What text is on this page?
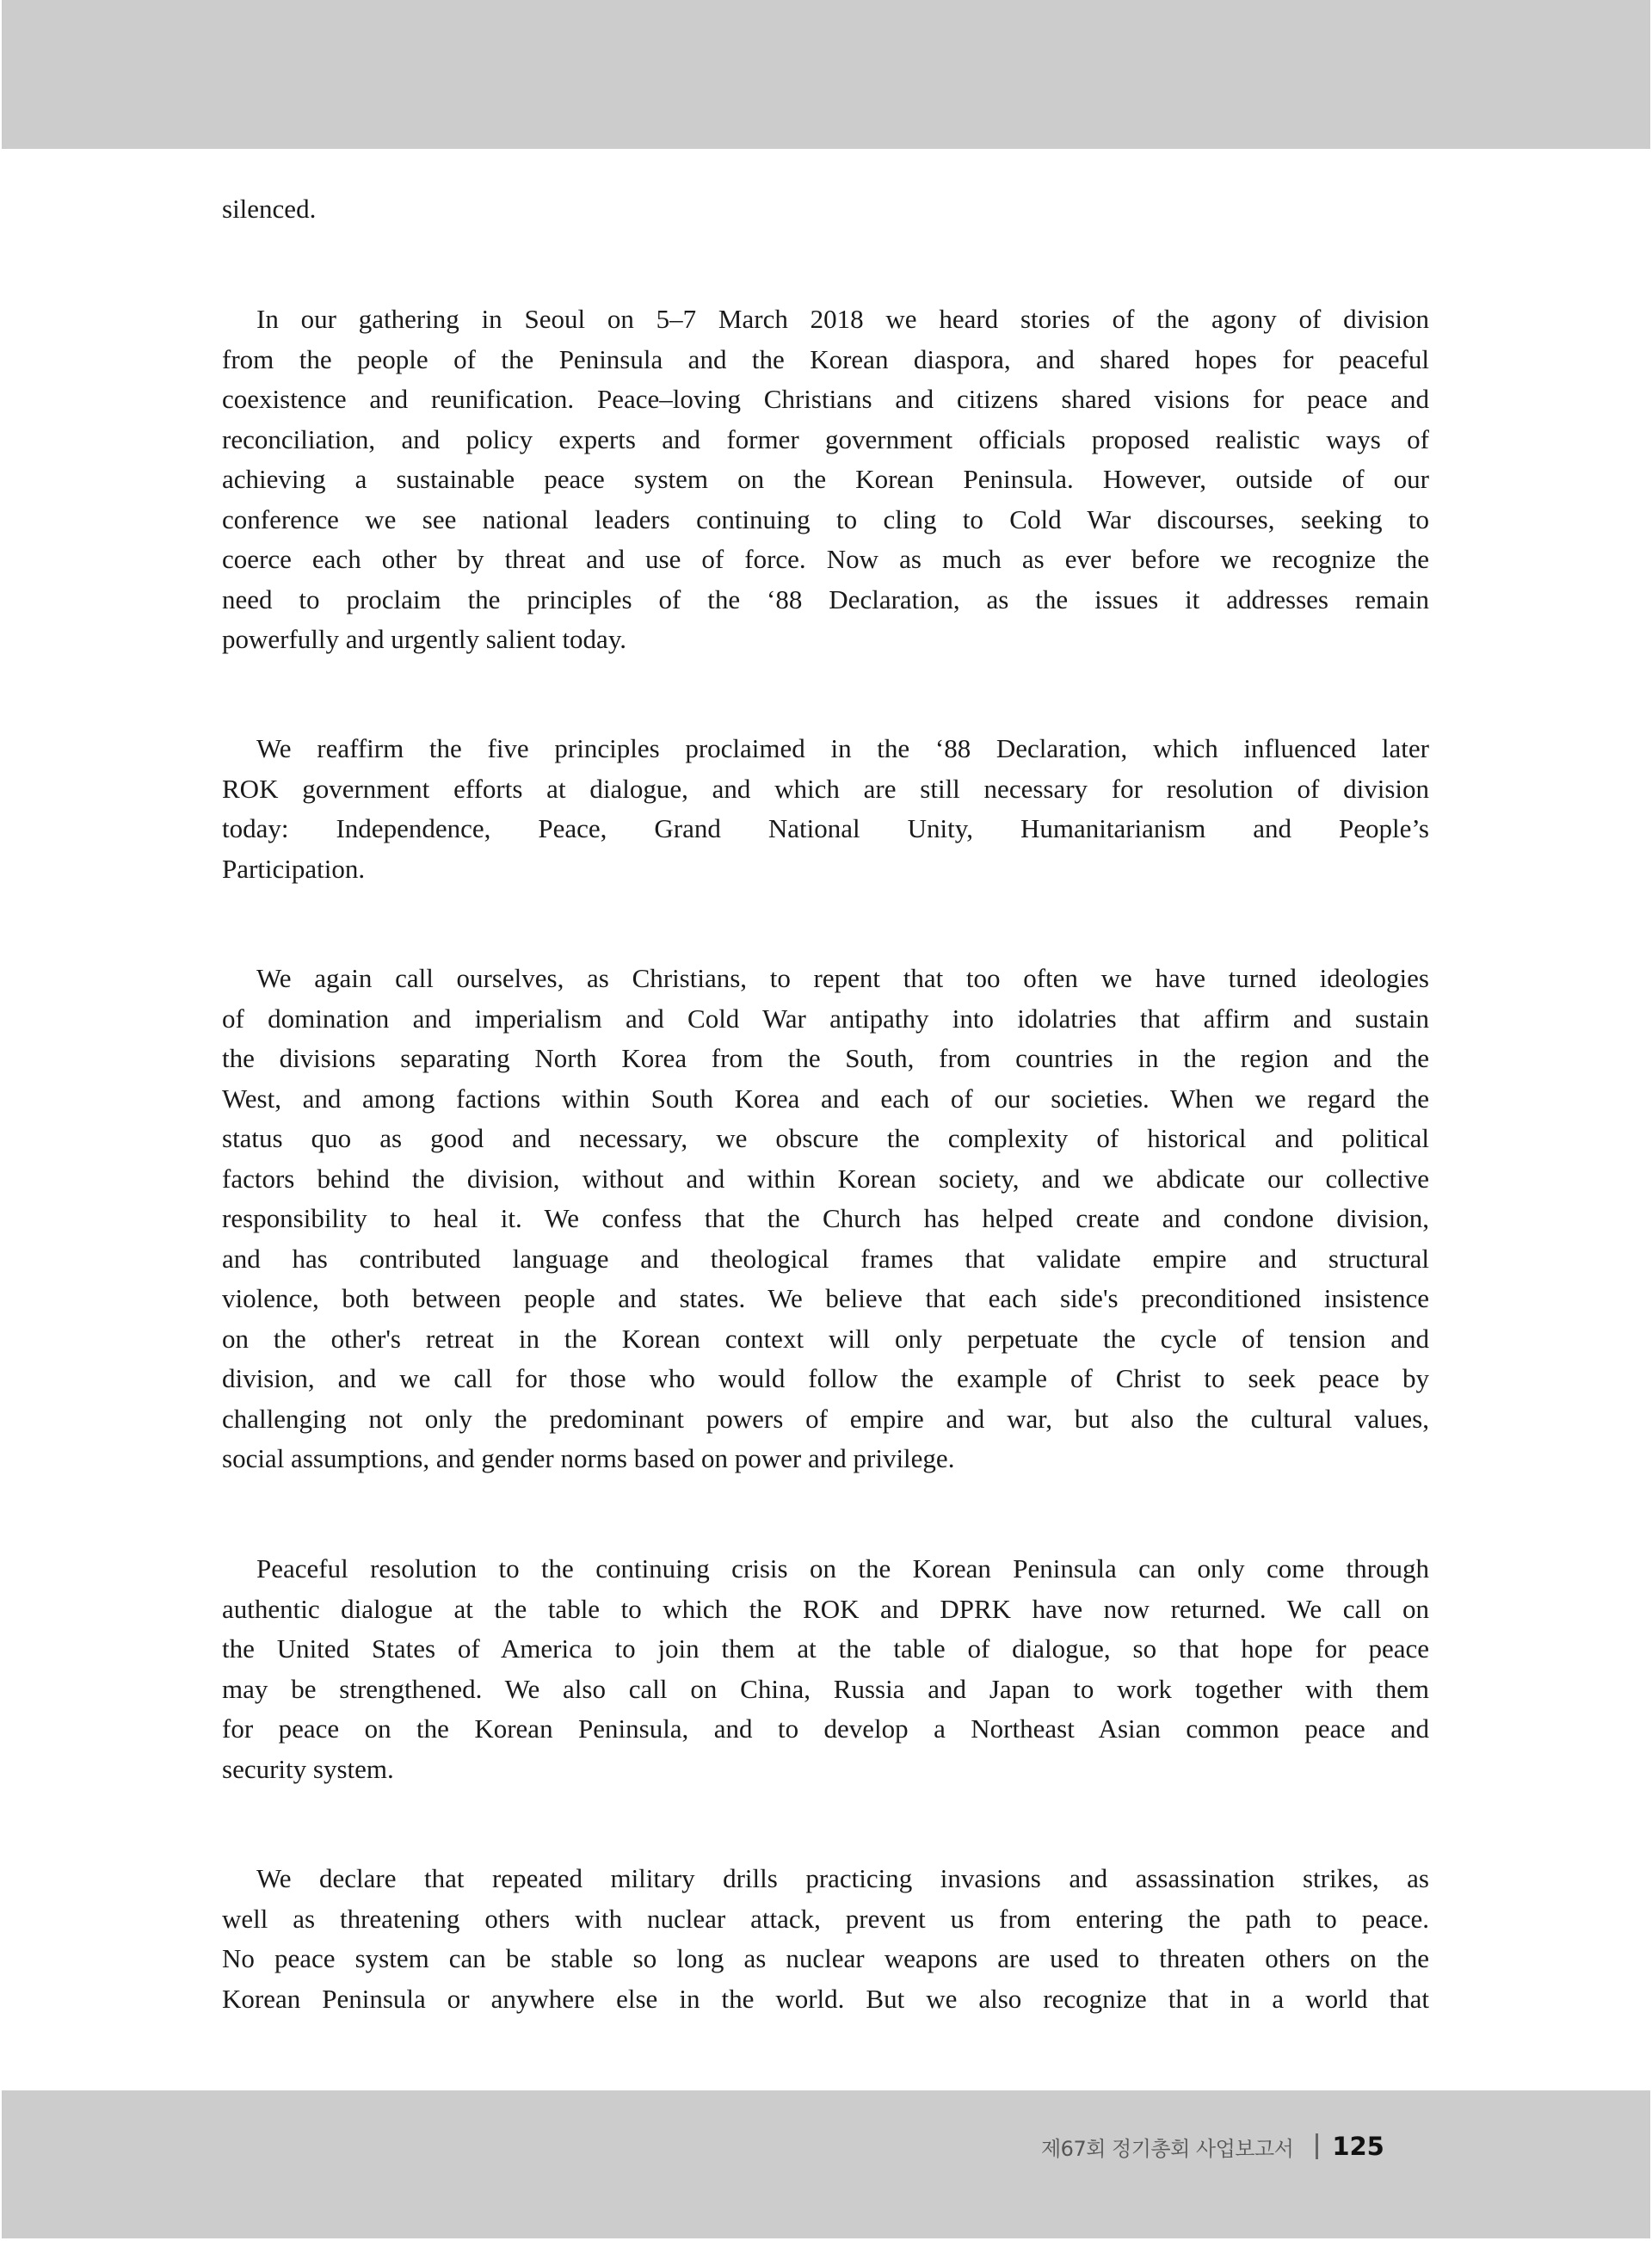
silenced.
In our gathering in Seoul on 5–7 March 2018 we heard stories of the agony of division
from the people of the Peninsula and the Korean diaspora, and shared hopes for peaceful
coexistence and reunification. Peace–loving Christians and citizens shared visions for peace and
reconciliation, and policy experts and former government officials proposed realistic ways of
achieving a sustainable peace system on the Korean Peninsula. However, outside of our
conference we see national leaders continuing to cling to Cold War discourses, seeking to
coerce each other by threat and use of force. Now as much as ever before we recognize the
need to proclaim the principles of the ‘88 Declaration, as the issues it addresses remain
powerfully and urgently salient today.
We reaffirm the five principles proclaimed in the ‘88 Declaration, which influenced later
ROK government efforts at dialogue, and which are still necessary for resolution of division
today: Independence, Peace, Grand National Unity, Humanitarianism and People’s
Participation.
We again call ourselves, as Christians, to repent that too often we have turned ideologies
of domination and imperialism and Cold War antipathy into idolatries that affirm and sustain
the divisions separating North Korea from the South, from countries in the region and the
West, and among factions within South Korea and each of our societies. When we regard the
status quo as good and necessary, we obscure the complexity of historical and political
factors behind the division, without and within Korean society, and we abdicate our collective
responsibility to heal it. We confess that the Church has helped create and condone division,
and has contributed language and theological frames that validate empire and structural
violence, both between people and states. We believe that each side's preconditioned insistence
on the other's retreat in the Korean context will only perpetuate the cycle of tension and
division, and we call for those who would follow the example of Christ to seek peace by
challenging not only the predominant powers of empire and war, but also the cultural values,
social assumptions, and gender norms based on power and privilege.
Peaceful resolution to the continuing crisis on the Korean Peninsula can only come through
authentic dialogue at the table to which the ROK and DPRK have now returned. We call on
the United States of America to join them at the table of dialogue, so that hope for peace
may be strengthened. We also call on China, Russia and Japan to work together with them
for peace on the Korean Peninsula, and to develop a Northeast Asian common peace and
security system.
We declare that repeated military drills practicing invasions and assassination strikes, as
well as threatening others with nuclear attack, prevent us from entering the path to peace.
No peace system can be stable so long as nuclear weapons are used to threaten others on the
Korean Peninsula or anywhere else in the world. But we also recognize that in a world that
제67회 정기총회 사업보고서 125
